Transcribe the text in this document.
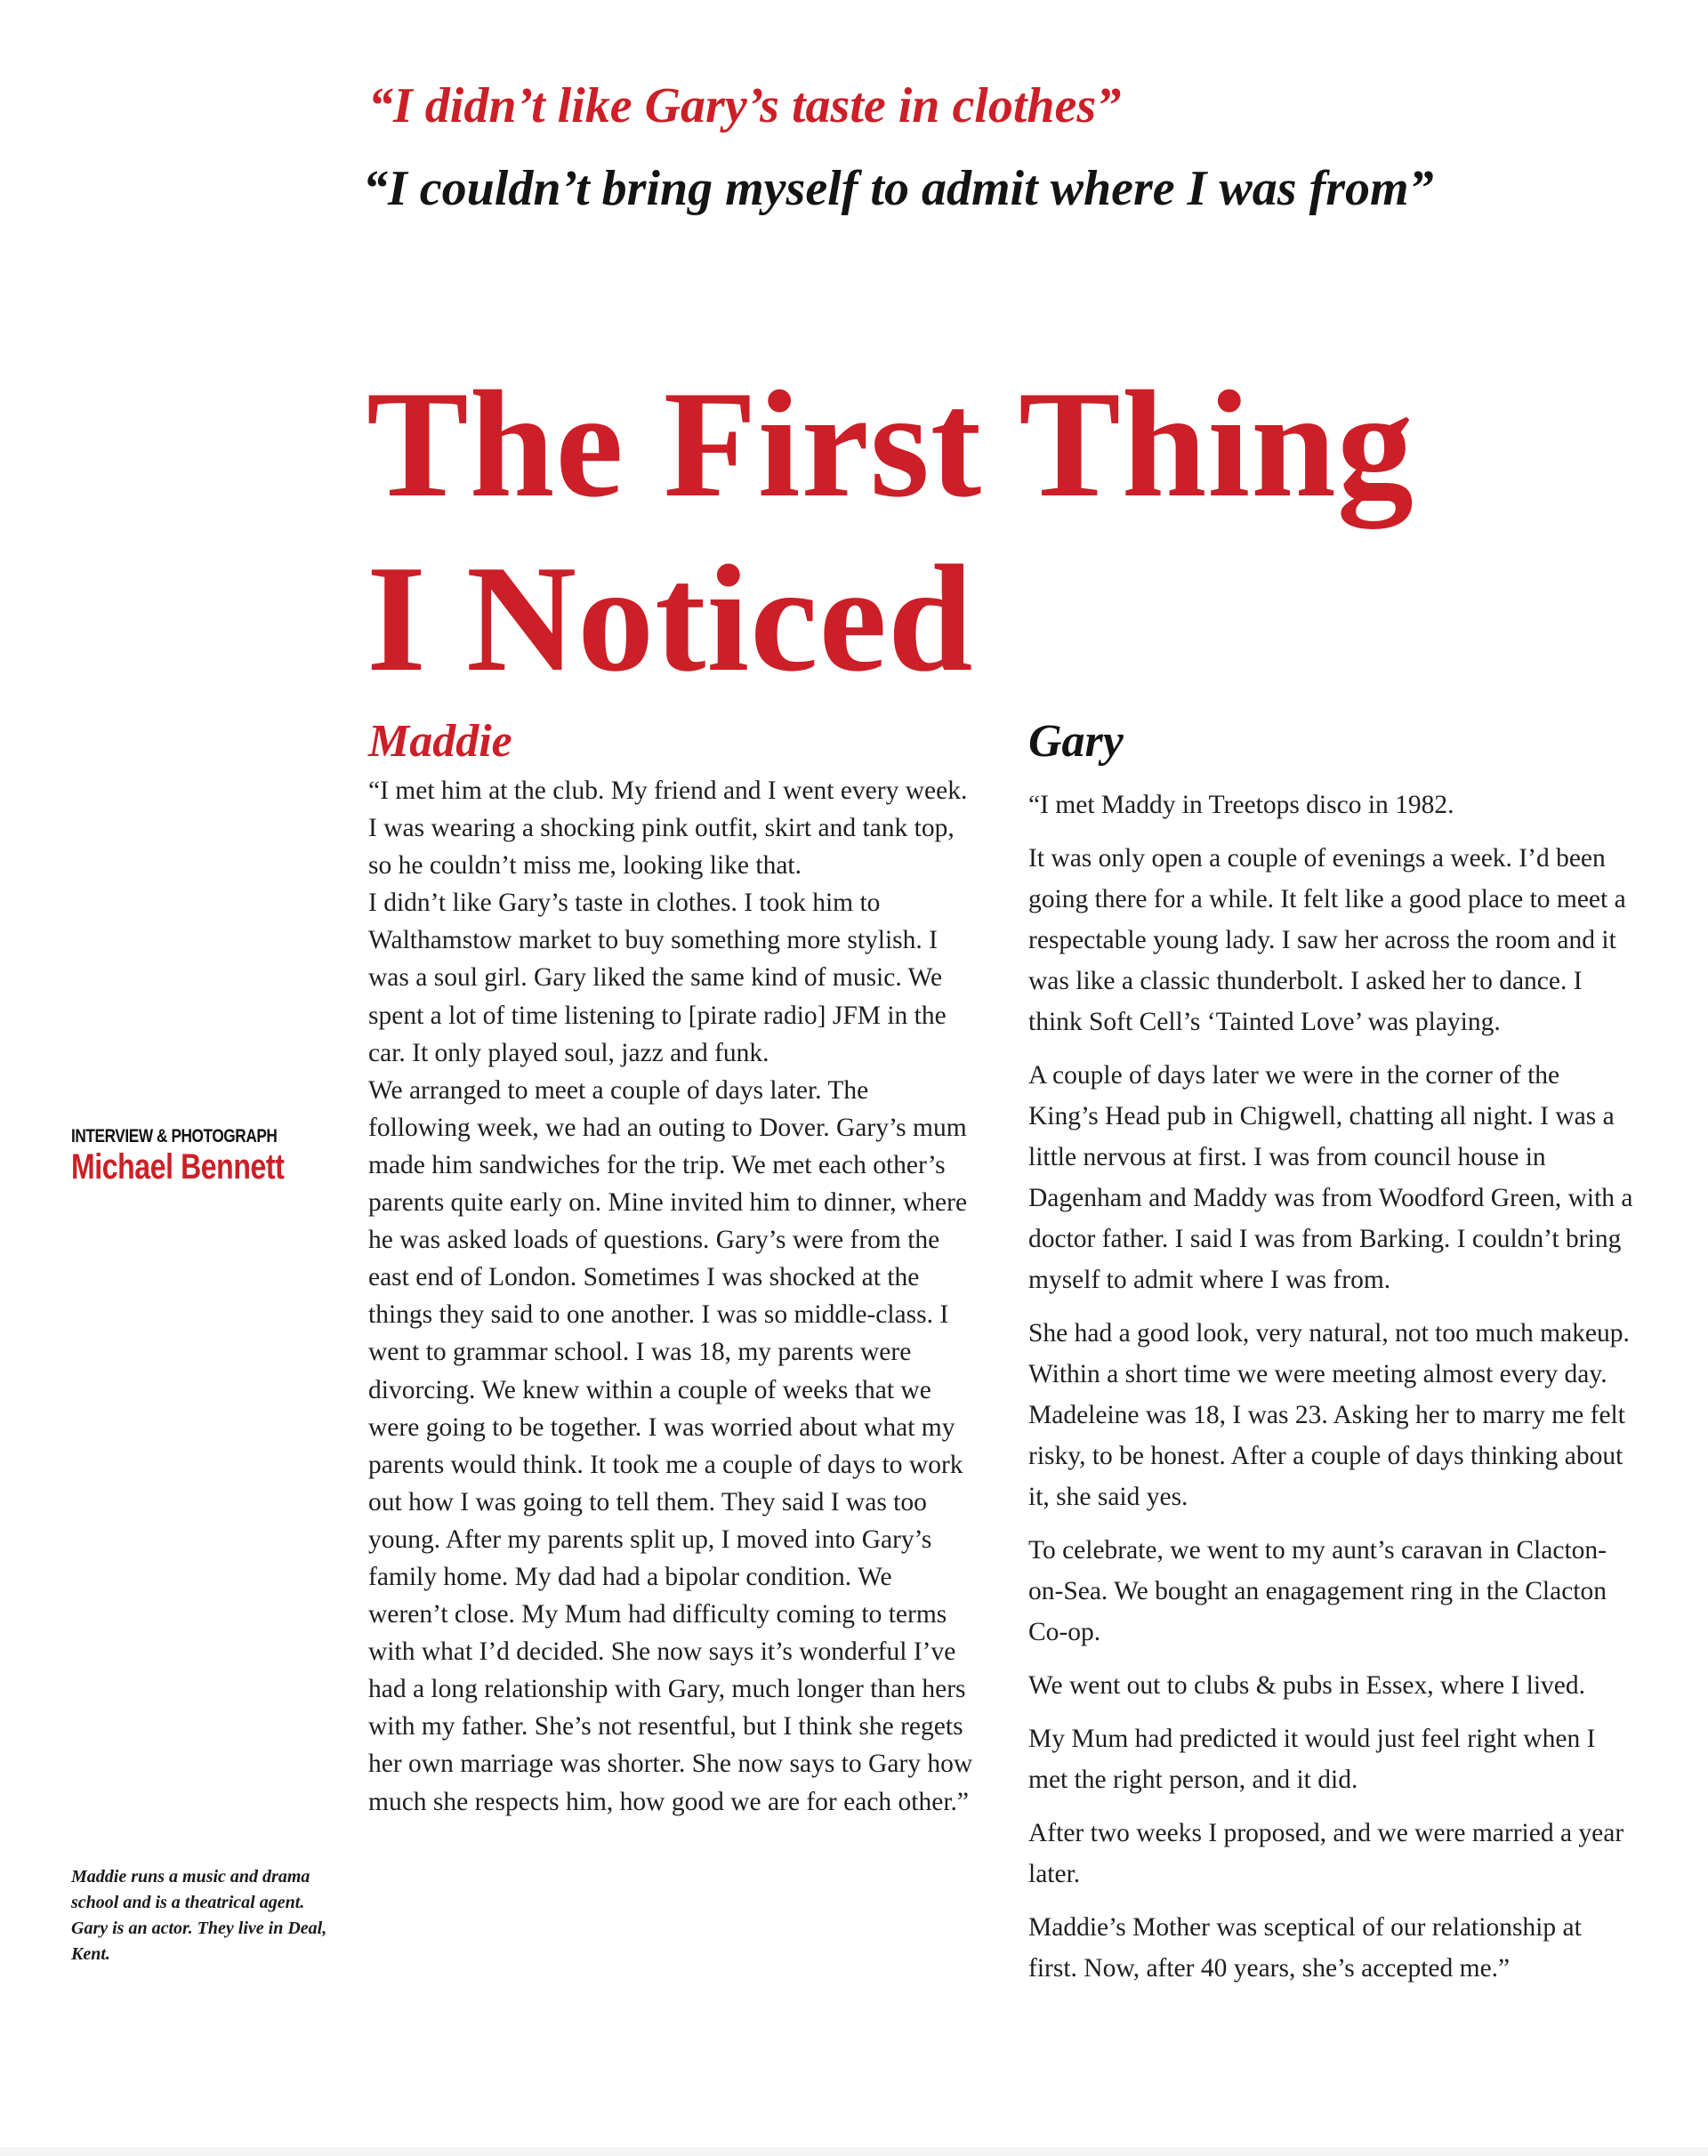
“I didn’t like Gary’s taste in clothes”

“I couldn’t bring myself to admit where I was from”

The First Thing
I Noticed
INTERVIEW & PHOTOGRAPH
Michael Bennett

Maddie runs a music and drama school and is a theatrical agent. Gary is an actor. They live in Deal, Kent.

Maddie

“I met him at the club. My friend and I went every week. I was wearing a shocking pink outfit, skirt and tank top, so he couldn’t miss me, looking like that.

I didn’t like Gary’s taste in clothes. I took him to Walthamstow market to buy something more stylish. I was a soul girl. Gary liked the same kind of music. We spent a lot of time listening to [pirate radio] JFM in the car. It only played soul, jazz and funk.

We arranged to meet a couple of days later. The following week, we had an outing to Dover. Gary’s mum made him sandwiches for the trip. We met each other’s parents quite early on. Mine invited him to dinner, where he was asked loads of questions. Gary’s were from the east end of London. Sometimes I was shocked at the things they said to one another. I was so middle-class. I went to grammar school. I was 18, my parents were divorcing. We knew within a couple of weeks that we were going to be together. I was worried about what my parents would think. It took me a couple of days to work out how I was going to tell them. They said I was too young. After my parents split up, I moved into Gary’s family home. My dad had a bipolar condition. We weren’t close. My Mum had difficulty coming to terms with what I’d decided. She now says it’s wonderful I’ve had a long relationship with Gary, much longer than hers with my father. She’s not resentful, but I think she regets her own marriage was shorter. She now says to Gary how much she respects him, how good we are for each other.”

Gary

“I met Maddy in Treetops disco in 1982.

It was only open a couple of evenings a week. I’d been going there for a while. It felt like a good place to meet a respectable young lady. I saw her across the room and it was like a classic thunderbolt. I asked her to dance. I think Soft Cell’s ‘Tainted Love’ was playing.

A couple of days later we were in the corner of the King’s Head pub in Chigwell, chatting all night. I was a little nervous at first. I was from council house in Dagenham and Maddy was from Woodford Green, with a doctor father. I said I was from Barking. I couldn’t bring myself to admit where I was from.

She had a good look, very natural, not too much makeup. Within a short time we were meeting almost every day. Madeleine was 18, I was 23. Asking her to marry me felt risky, to be honest. After a couple of days thinking about it, she said yes.

To celebrate, we went to my aunt’s caravan in Clacton-on-Sea. We bought an enagagement ring in the Clacton Co-op.

We went out to clubs & pubs in Essex, where I lived.

My Mum had predicted it would just feel right when I met the right person, and it did.

After two weeks I proposed, and we were married a year later.

Maddie’s Mother was sceptical of our relationship at first. Now, after 40 years, she’s accepted me.”
